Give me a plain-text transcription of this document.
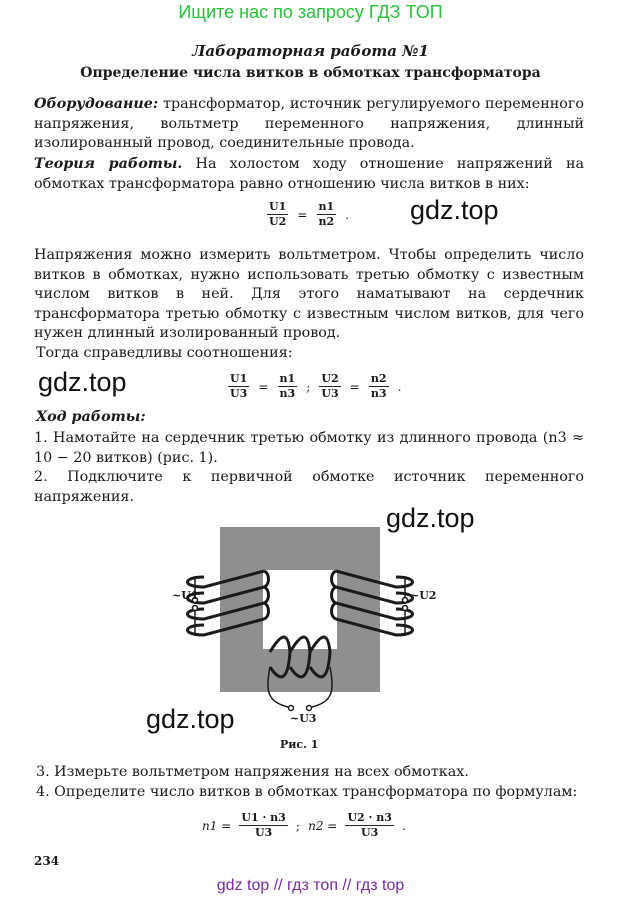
Ищите нас по запросу ГДЗ ТОП
Лабораторная работа №1
Определение числа витков в обмотках трансформатора
Оборудование: трансформатор, источник регулируемого переменного напряжения, вольтметр переменного напряжения, длинный изолированный провод, соединительные провода.
Теория работы. На холостом ходу отношение напряжений на обмотках трансформатора равно отношению числа витков в них:
$\frac{U1}{U2} = \frac{n1}{n2}$ . gdz.top
Напряжения можно измерить вольтметром. Чтобы определить число витков в обмотках, нужно использовать третью обмотку с известным числом витков в ней. Для этого наматывают на сердечник трансформатора третью обмотку с известным числом витков, для чего нужен длинный изолированный провод.
Тогда справедливы соотношения:
gdz.top	$\frac{U1}{U3} = \frac{n1}{n3}$ ; $\frac{U2}{U3} = \frac{n2}{n3}$ .
Ход работы:
1. Намотайте на сердечник третью обмотку из длинного провода (n3 ≈ 10 − 20 витков) (рис. 1).
2. Подключите к первичной обмотке источник переменного напряжения.
gdz.top
~U1	~U2
~U3
gdz.top
Рис. 1
3. Измерьте вольтметром напряжения на всех обмотках.
4. Определите число витков в обмотках трансформатора по формулам:
$n1 = \frac{U1 \cdot n3}{U3}$ ; $n2 = \frac{U2 \cdot n3}{U3}$ .
234
gdz top // гдз топ // гдз top
